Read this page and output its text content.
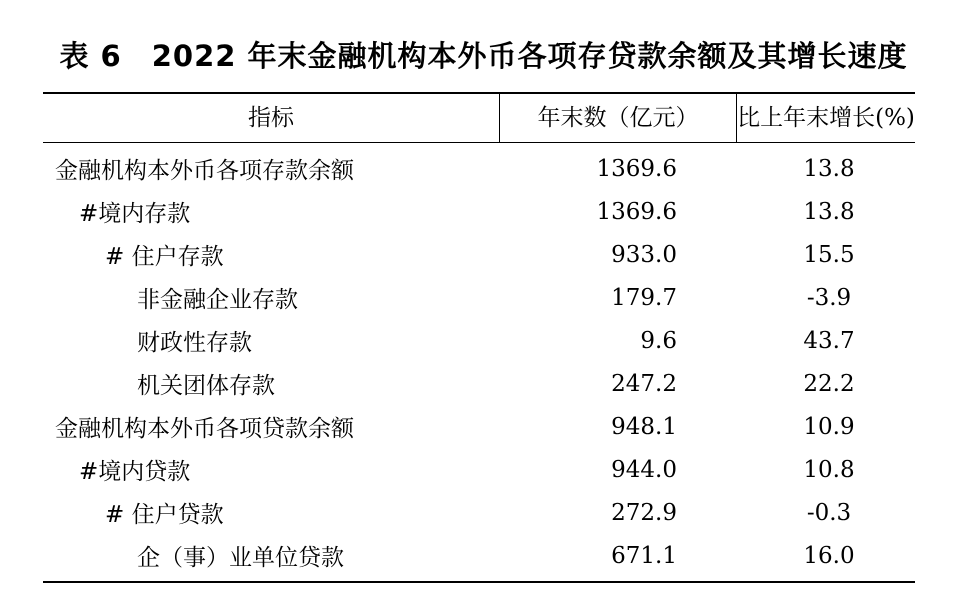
表 6　2022 年末金融机构本外币各项存贷款余额及其增长速度
指标	年末数（亿元）	比上年末增长(%)
金融机构本外币各项存款余额	1369.6	13.8
#境内存款	1369.6	13.8
# 住户存款	933.0	15.5
非金融企业存款	179.7	-3.9
财政性存款	9.6	43.7
机关团体存款	247.2	22.2
金融机构本外币各项贷款余额	948.1	10.9
#境内贷款	944.0	10.8
# 住户贷款	272.9	-0.3
企（事）业单位贷款	671.1	16.0
